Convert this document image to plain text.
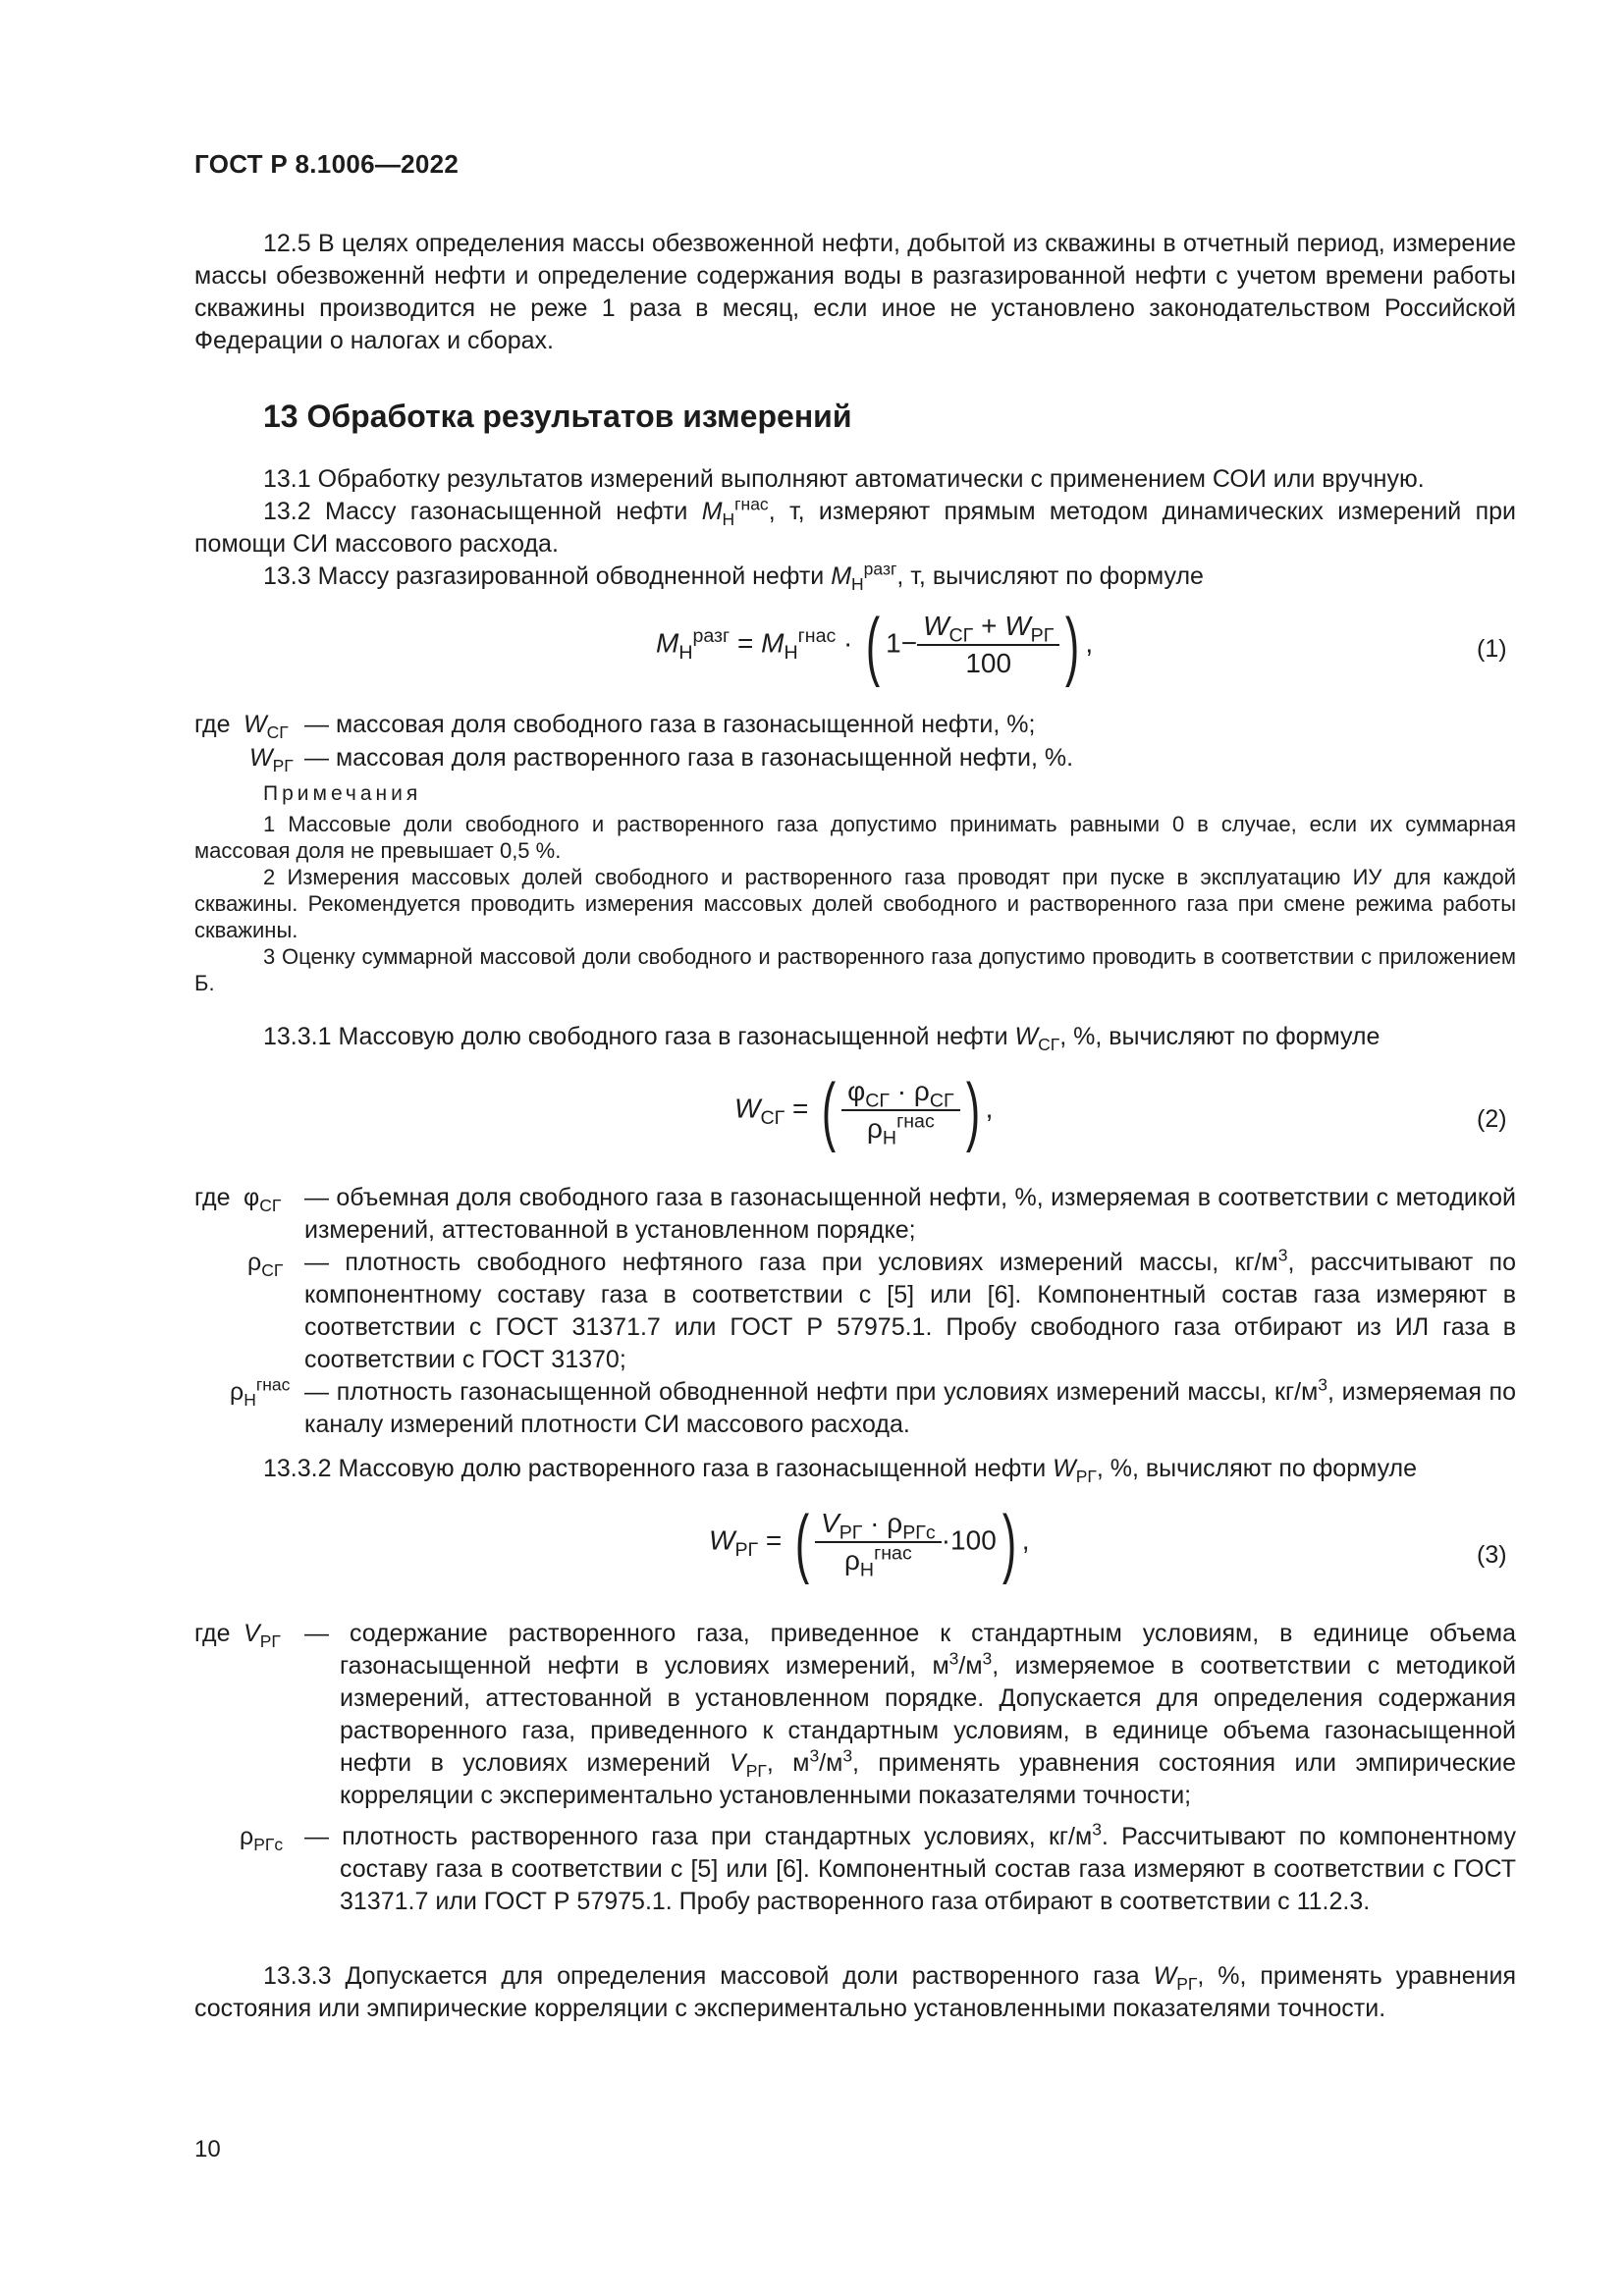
ГОСТ Р 8.1006—2022

12.5 В целях определения массы обезвоженной нефти, добытой из скважины в отчетный период, измерение массы обезвоженнй нефти и определение содержания воды в разгазированной нефти с учетом времени работы скважины производится не реже 1 раза в месяц, если иное не установлено законодательством Российской Федерации о налогах и сборах.

13 Обработка результатов измерений

13.1 Обработку результатов измерений выполняют автоматически с применением СОИ или вручную.

13.2 Массу газонасыщенной нефти $M_Н^{гнас}$, т, измеряют прямым методом динамических измерений при помощи СИ массового расхода.

13.3 Массу разгазированной обводненной нефти $M_Н^{разг}$, т, вычисляют по формуле

$M_Н^{разг} = M_Н^{гнас}$ · ( $1- \frac{W_{СГ} + W_{РГ}}{100}$ ) ,	(1)
где $W_{СГ}$ — массовая доля свободного газа в газонасыщенной нефти, %;
$W_{РГ}$ — массовая доля растворенного газа в газонасыщенной нефти, %.
Примечания

1 Массовые доли свободного и растворенного газа допустимо принимать равными 0 в случае, если их суммарная массовая доля не превышает 0,5 %.

2 Измерения массовых долей свободного и растворенного газа проводят при пуске в эксплуатацию ИУ для каждой скважины. Рекомендуется проводить измерения массовых долей свободного и растворенного газа при смене режима работы скважины.

3 Оценку суммарной массовой доли свободного и растворенного газа допустимо проводить в соответствии с приложением Б.

13.3.1 Массовую долю свободного газа в газонасыщенной нефти $W_{СГ}$, %, вычисляют по формуле

$W_{СГ}$ = ( $\frac{\varphi_{СГ} \cdot \rho_{СГ}}{\rho_Н^{гнас}}$ ) ,	(2)
где $\varphi_{СГ}$ — объемная доля свободного газа в газонасыщенной нефти, %, измеряемая в соответствии с методикой измерений, аттестованной в установленном порядке;
$\rho_{СГ}$ — плотность свободного нефтяного газа при условиях измерений массы, $кг/м^3$, рассчитывают по компонентному составу газа в соответствии с [5] или [6]. Компонентный состав газа измеряют в соответствии с ГОСТ 31371.7 или ГОСТ Р 57975.1. Пробу свободного газа отбирают из ИЛ газа в соответствии с ГОСТ 31370;
$\rho_Н^{гнас}$ — плотность газонасыщенной обводненной нефти при условиях измерений массы, $кг/м^3$, измеряемая по каналу измерений плотности СИ массового расхода.

13.3.2 Массовую долю растворенного газа в газонасыщенной нефти $W_{РГ}$, %, вычисляют по формуле

$W_{РГ}$ = ( $\frac{V_{РГ} \cdot \rho_{РГс}}{\rho_Н^{гнас}} \cdot 100$) ,	(3)
где $V_{РГ}$ — содержание растворенного газа, приведенное к стандартным условиям, в единице объема газонасыщенной нефти в условиях измерений, $м^3/м^3$, измеряемое в соответствии с методикой измерений, аттестованной в установленном порядке. Допускается для определения содержания растворенного газа, приведенного к стандартным условиям, в единице объема газонасыщенной нефти в условиях измерений $V_{РГ}$, $м^3/м^3$, применять уравнения состояния или эмпирические корреляции с экспериментально установленными показателями точности;
$\rho_{РГс}$ — плотность растворенного газа при стандартных условиях, $кг/м^3$. Рассчитывают по компонентному составу газа в соответствии с [5] или [6]. Компонентный состав газа измеряют в соответствии с ГОСТ 31371.7 или ГОСТ Р 57975.1. Пробу растворенного газа отбирают в соответствии с 11.2.3.

13.3.3 Допускается для определения массовой доли растворенного газа $W_{РГ}$, %, применять уравнения состояния или эмпирические корреляции с экспериментально установленными показателями точности.

10
